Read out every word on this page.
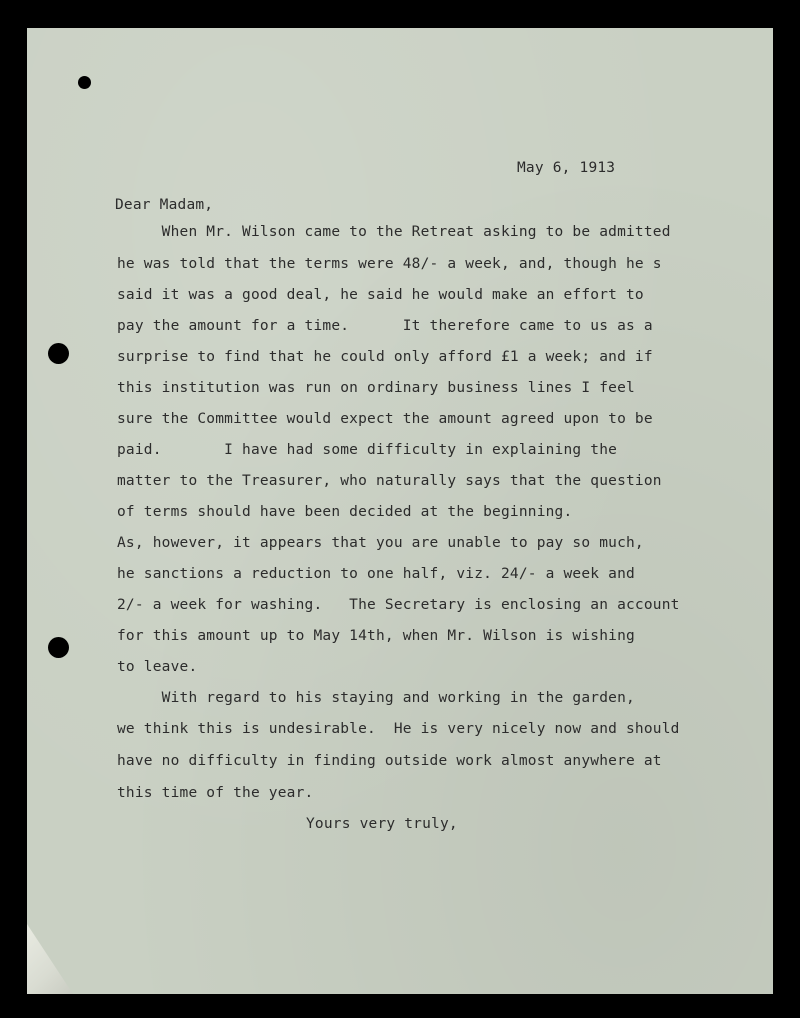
May 6, 1913
Dear Madam,
When Mr. Wilson came to the Retreat asking to be admitted
he was told that the terms were 48/- a week, and, though he s
said it was a good deal, he said he would make an effort to
pay the amount for a time.      It therefore came to us as a
surprise to find that he could only afford £1 a week; and if
this institution was run on ordinary business lines I feel
sure the Committee would expect the amount agreed upon to be
paid.       I have had some difficulty in explaining the
matter to the Treasurer, who naturally says that the question
of terms should have been decided at the beginning.
As, however, it appears that you are unable to pay so much,
he sanctions a reduction to one half, viz. 24/- a week and
2/- a week for washing.   The Secretary is enclosing an account
for this amount up to May 14th, when Mr. Wilson is wishing
to leave.
With regard to his staying and working in the garden,
we think this is undesirable.  He is very nicely now and should
have no difficulty in finding outside work almost anywhere at
this time of the year.
Yours very truly,
